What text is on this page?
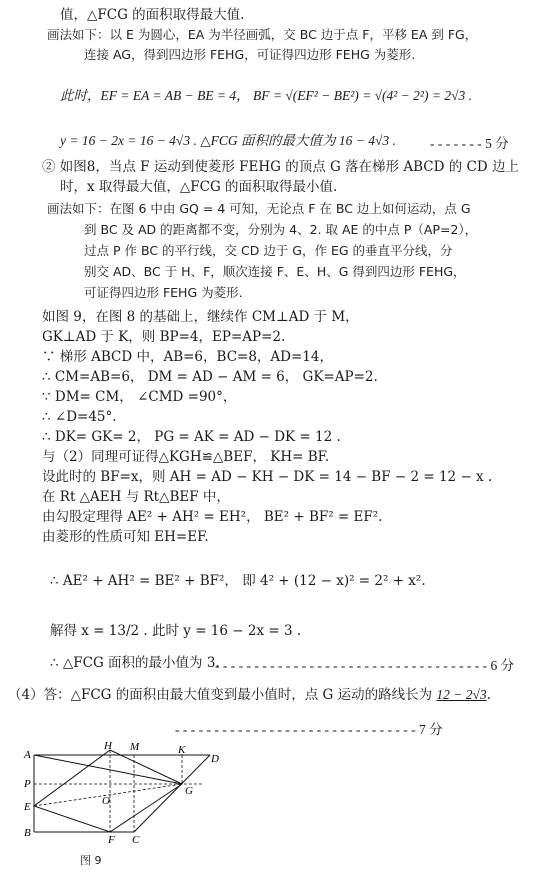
值，△FCG 的面积取得最大值.
画法如下：以 E 为圆心，EA 为半径画弧，交 BC 边于点 F，平移 EA 到 FG，
连接 AG，得到四边形 FEHG，可证得四边形 FEHG 为菱形.
此时，EF = EA = AB − BE = 4， BF = √(EF² − BE²) = √(4² − 2²) = 2√3 .
y = 16 − 2x = 16 − 4√3 . △FCG 面积的最大值为 16 − 4√3 .	- - - - - - - 5 分
② 如图8，当点 F 运动到使菱形 FEHG 的顶点 G 落在梯形 ABCD 的 CD 边上
时，x 取得最大值，△FCG 的面积取得最小值.
画法如下：在图 6 中由 GQ = 4 可知，无论点 F 在 BC 边上如何运动，点 G
到 BC 及 AD 的距离都不变，分别为 4、2. 取 AE 的中点 P（AP=2），
过点 P 作 BC 的平行线，交 CD 边于 G，作 EG 的垂直平分线，分
别交 AD、BC 于 H、F，顺次连接 F、E、H、G 得到四边形 FEHG，
可证得四边形 FEHG 为菱形.
如图 9，在图 8 的基础上，继续作 CM⊥AD 于 M，
GK⊥AD 于 K，则 BP=4，EP=AP=2.
∵ 梯形 ABCD 中，AB=6，BC=8，AD=14，
∴ CM=AB=6， DM = AD − AM = 6， GK=AP=2.
∵ DM= CM， ∠CMD =90°，
∴ ∠D=45°.
∴ DK= GK= 2， PG = AK = AD − DK = 12 .
与（2）同理可证得△KGH≌△BEF， KH= BF.
设此时的 BF=x，则 AH = AD − KH − DK = 14 − BF − 2 = 12 − x .
在 Rt △AEH 与 Rt△BEF 中，
由勾股定理得 AE² + AH² = EH²， BE² + BF² = EF².
由菱形的性质可知 EH=EF.
∴ AE² + AH² = BE² + BF²， 即 4² + (12 − x)² = 2² + x².
解得 x = 13/2 . 此时 y = 16 − 2x = 3 .
∴ △FCG 面积的最小值为 3.
- - - - - - - - - - - - - - - - - - - - - - - - - - - - - - - - - - - 6 分
（4）答：△FCG 的面积由最大值变到最小值时，点 G 运动的路线长为 12 − 2√3.
- - - - - - - - - - - - - - - - - - - - - - - - - - - - - - - 7 分
A
H M	K
D
P
G
E	O
B
F C
图 9
